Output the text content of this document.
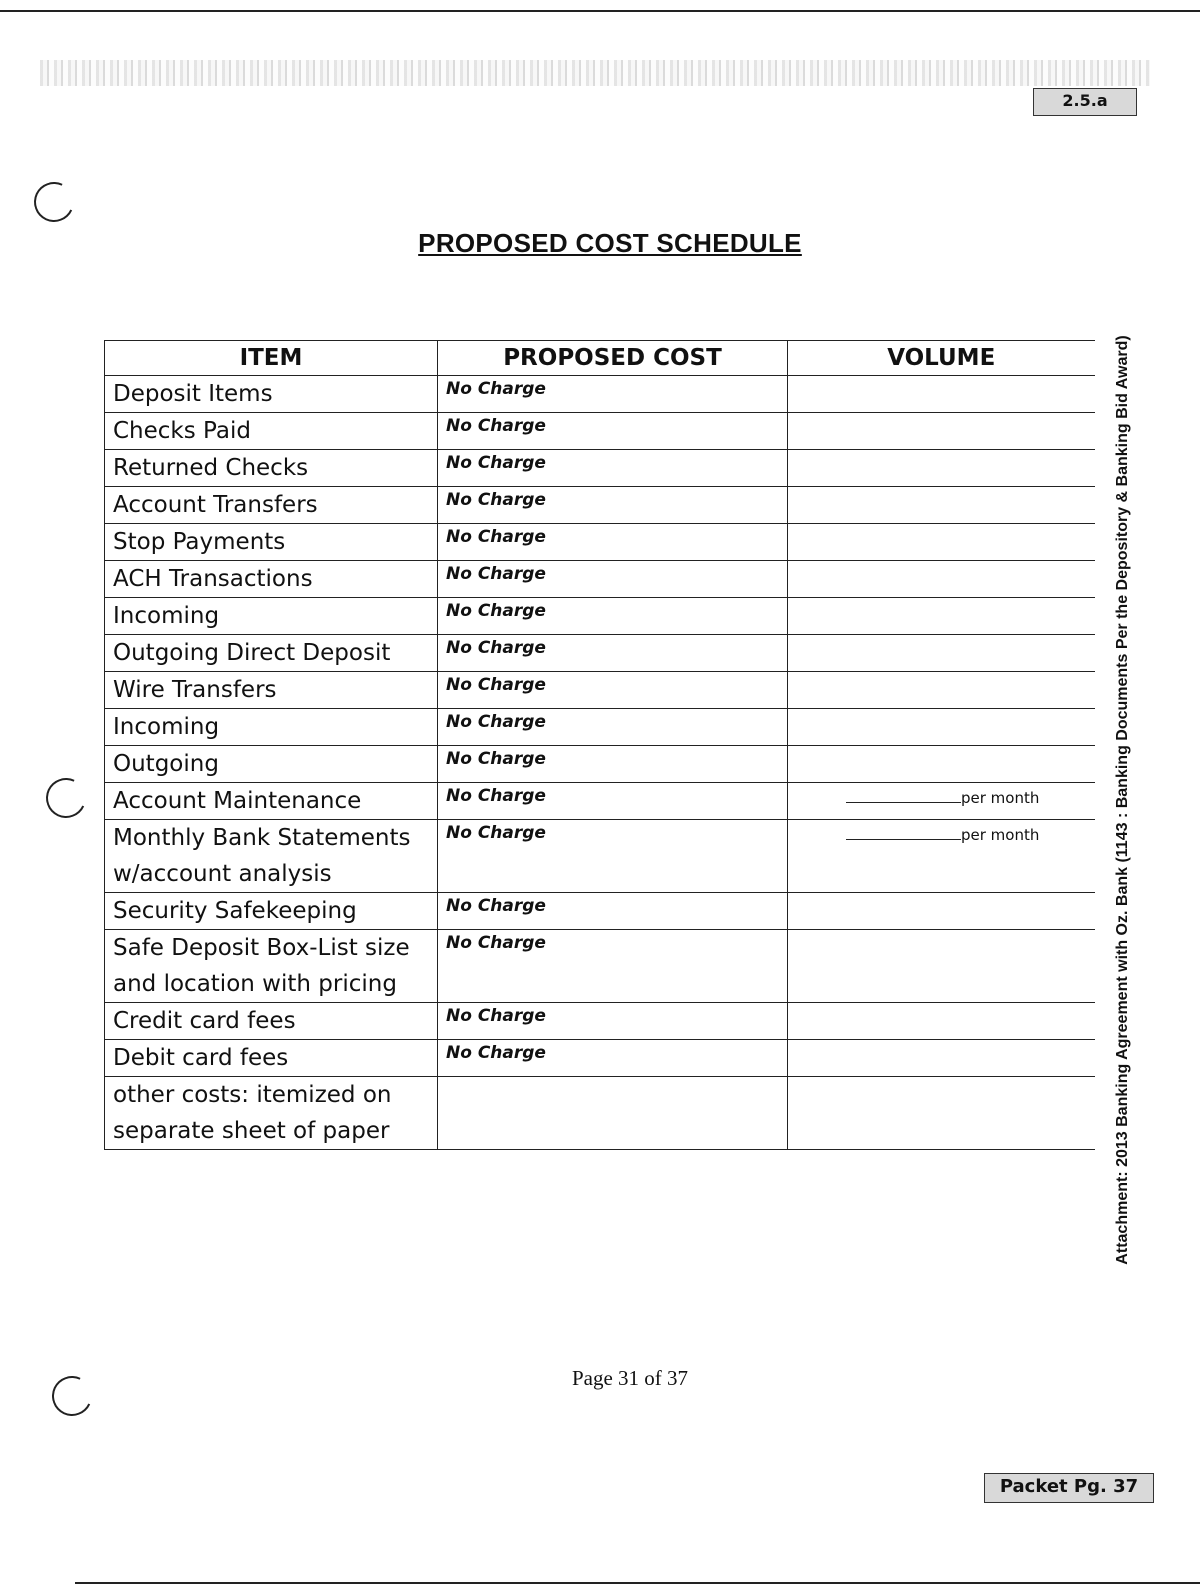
2.5.a
PROPOSED COST SCHEDULE
ITEM	PROPOSED COST	VOLUME
Deposit Items	No Charge	
Checks Paid	No Charge	
Returned Checks	No Charge	
Account Transfers	No Charge	
Stop Payments	No Charge	
ACH Transactions	No Charge	
Incoming	No Charge	
Outgoing Direct Deposit	No Charge	
Wire Transfers	No Charge	
Incoming	No Charge	
Outgoing	No Charge	
Account Maintenance	No Charge	per month
Monthly Bank Statements w/account analysis	No Charge	per month
Security Safekeeping	No Charge	
Safe Deposit Box-List size and location with pricing	No Charge	
Credit card fees	No Charge	
Debit card fees	No Charge	
other costs: itemized on separate sheet of paper		
Page 31 of 37
Packet Pg. 37
Attachment: 2013 Banking Agreement with Oz. Bank (1143 : Banking Documents Per the Depository & Banking Bid Award)
